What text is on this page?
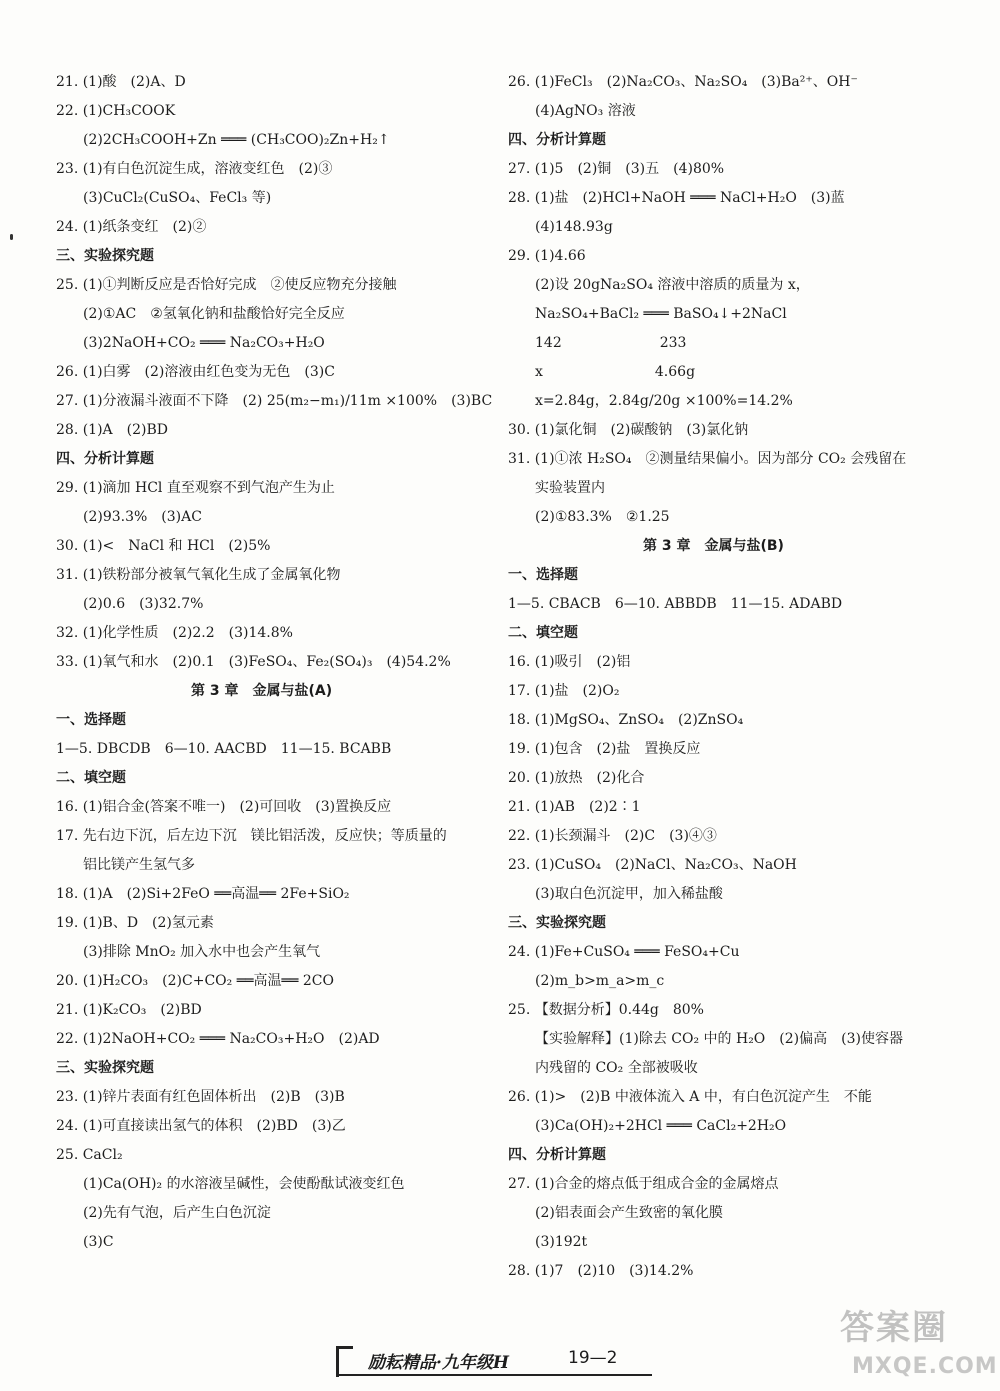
21. (1)酸　(2)A、D
22. (1)CH₃COOK
(2)2CH₃COOH+Zn ═══ (CH₃COO)₂Zn+H₂↑
23. (1)有白色沉淀生成，溶液变红色　(2)③
(3)CuCl₂(CuSO₄、FeCl₃ 等)
24. (1)纸条变红　(2)②
三、实验探究题
25. (1)①判断反应是否恰好完成　②使反应物充分接触
(2)①AC　②氢氧化钠和盐酸恰好完全反应
(3)2NaOH+CO₂ ═══ Na₂CO₃+H₂O
26. (1)白雾　(2)溶液由红色变为无色　(3)C
27. (1)分液漏斗液面不下降　(2) 25(m₂−m₁)/11m ×100%　(3)BC
28. (1)A　(2)BD
四、分析计算题
29. (1)滴加 HCl 直至观察不到气泡产生为止
(2)93.3%　(3)AC
30. (1)<　NaCl 和 HCl　(2)5%
31. (1)铁粉部分被氧气氧化生成了金属氧化物
(2)0.6　(3)32.7%
32. (1)化学性质　(2)2.2　(3)14.8%
33. (1)氧气和水　(2)0.1　(3)FeSO₄、Fe₂(SO₄)₃　(4)54.2%
第 3 章　金属与盐(A)
一、选择题
1—5. DBCDB　6—10. AACBD　11—15. BCABB
二、填空题
16. (1)铝合金(答案不唯一)　(2)可回收　(3)置换反应
17. 先右边下沉，后左边下沉　镁比铝活泼，反应快；等质量的
铝比镁产生氢气多
18. (1)A　(2)Si+2FeO ══高温══ 2Fe+SiO₂
19. (1)B、D　(2)氢元素
(3)排除 MnO₂ 加入水中也会产生氧气
20. (1)H₂CO₃　(2)C+CO₂ ══高温══ 2CO
21. (1)K₂CO₃　(2)BD
22. (1)2NaOH+CO₂ ═══ Na₂CO₃+H₂O　(2)AD
三、实验探究题
23. (1)锌片表面有红色固体析出　(2)B　(3)B
24. (1)可直接读出氢气的体积　(2)BD　(3)乙
25. CaCl₂
(1)Ca(OH)₂ 的水溶液呈碱性，会使酚酞试液变红色
(2)先有气泡，后产生白色沉淀
(3)C
26. (1)FeCl₃　(2)Na₂CO₃、Na₂SO₄　(3)Ba²⁺、OH⁻
(4)AgNO₃ 溶液
四、分析计算题
27. (1)5　(2)铜　(3)五　(4)80%
28. (1)盐　(2)HCl+NaOH ═══ NaCl+H₂O　(3)蓝
(4)148.93g
29. (1)4.66
(2)设 20gNa₂SO₄ 溶液中溶质的质量为 x，
Na₂SO₄+BaCl₂ ═══ BaSO₄↓+2NaCl
142　　　　　　　233
x　　　　　　　　4.66g
x=2.84g，2.84g/20g ×100%=14.2%
30. (1)氯化铜　(2)碳酸钠　(3)氯化钠
31. (1)①浓 H₂SO₄　②测量结果偏小。因为部分 CO₂ 会残留在
实验装置内
(2)①83.3%　②1.25
第 3 章　金属与盐(B)
一、选择题
1—5. CBACB　6—10. ABBDB　11—15. ADABD
二、填空题
16. (1)吸引　(2)铝
17. (1)盐　(2)O₂
18. (1)MgSO₄、ZnSO₄　(2)ZnSO₄
19. (1)包含　(2)盐　置换反应
20. (1)放热　(2)化合
21. (1)AB　(2)2∶1
22. (1)长颈漏斗　(2)C　(3)④③
23. (1)CuSO₄　(2)NaCl、Na₂CO₃、NaOH
(3)取白色沉淀甲，加入稀盐酸
三、实验探究题
24. (1)Fe+CuSO₄ ═══ FeSO₄+Cu
(2)m_b>m_a>m_c
25. 【数据分析】0.44g　80%
【实验解释】(1)除去 CO₂ 中的 H₂O　(2)偏高　(3)使容器
内残留的 CO₂ 全部被吸收
26. (1)>　(2)B 中液体流入 A 中，有白色沉淀产生　不能
(3)Ca(OH)₂+2HCl ═══ CaCl₂+2H₂O
四、分析计算题
27. (1)合金的熔点低于组成合金的金属熔点
(2)铝表面会产生致密的氧化膜
(3)192t
28. (1)7　(2)10　(3)14.2%
励耘精品·九年级H	19—2
答案圈
MXQE.COM
